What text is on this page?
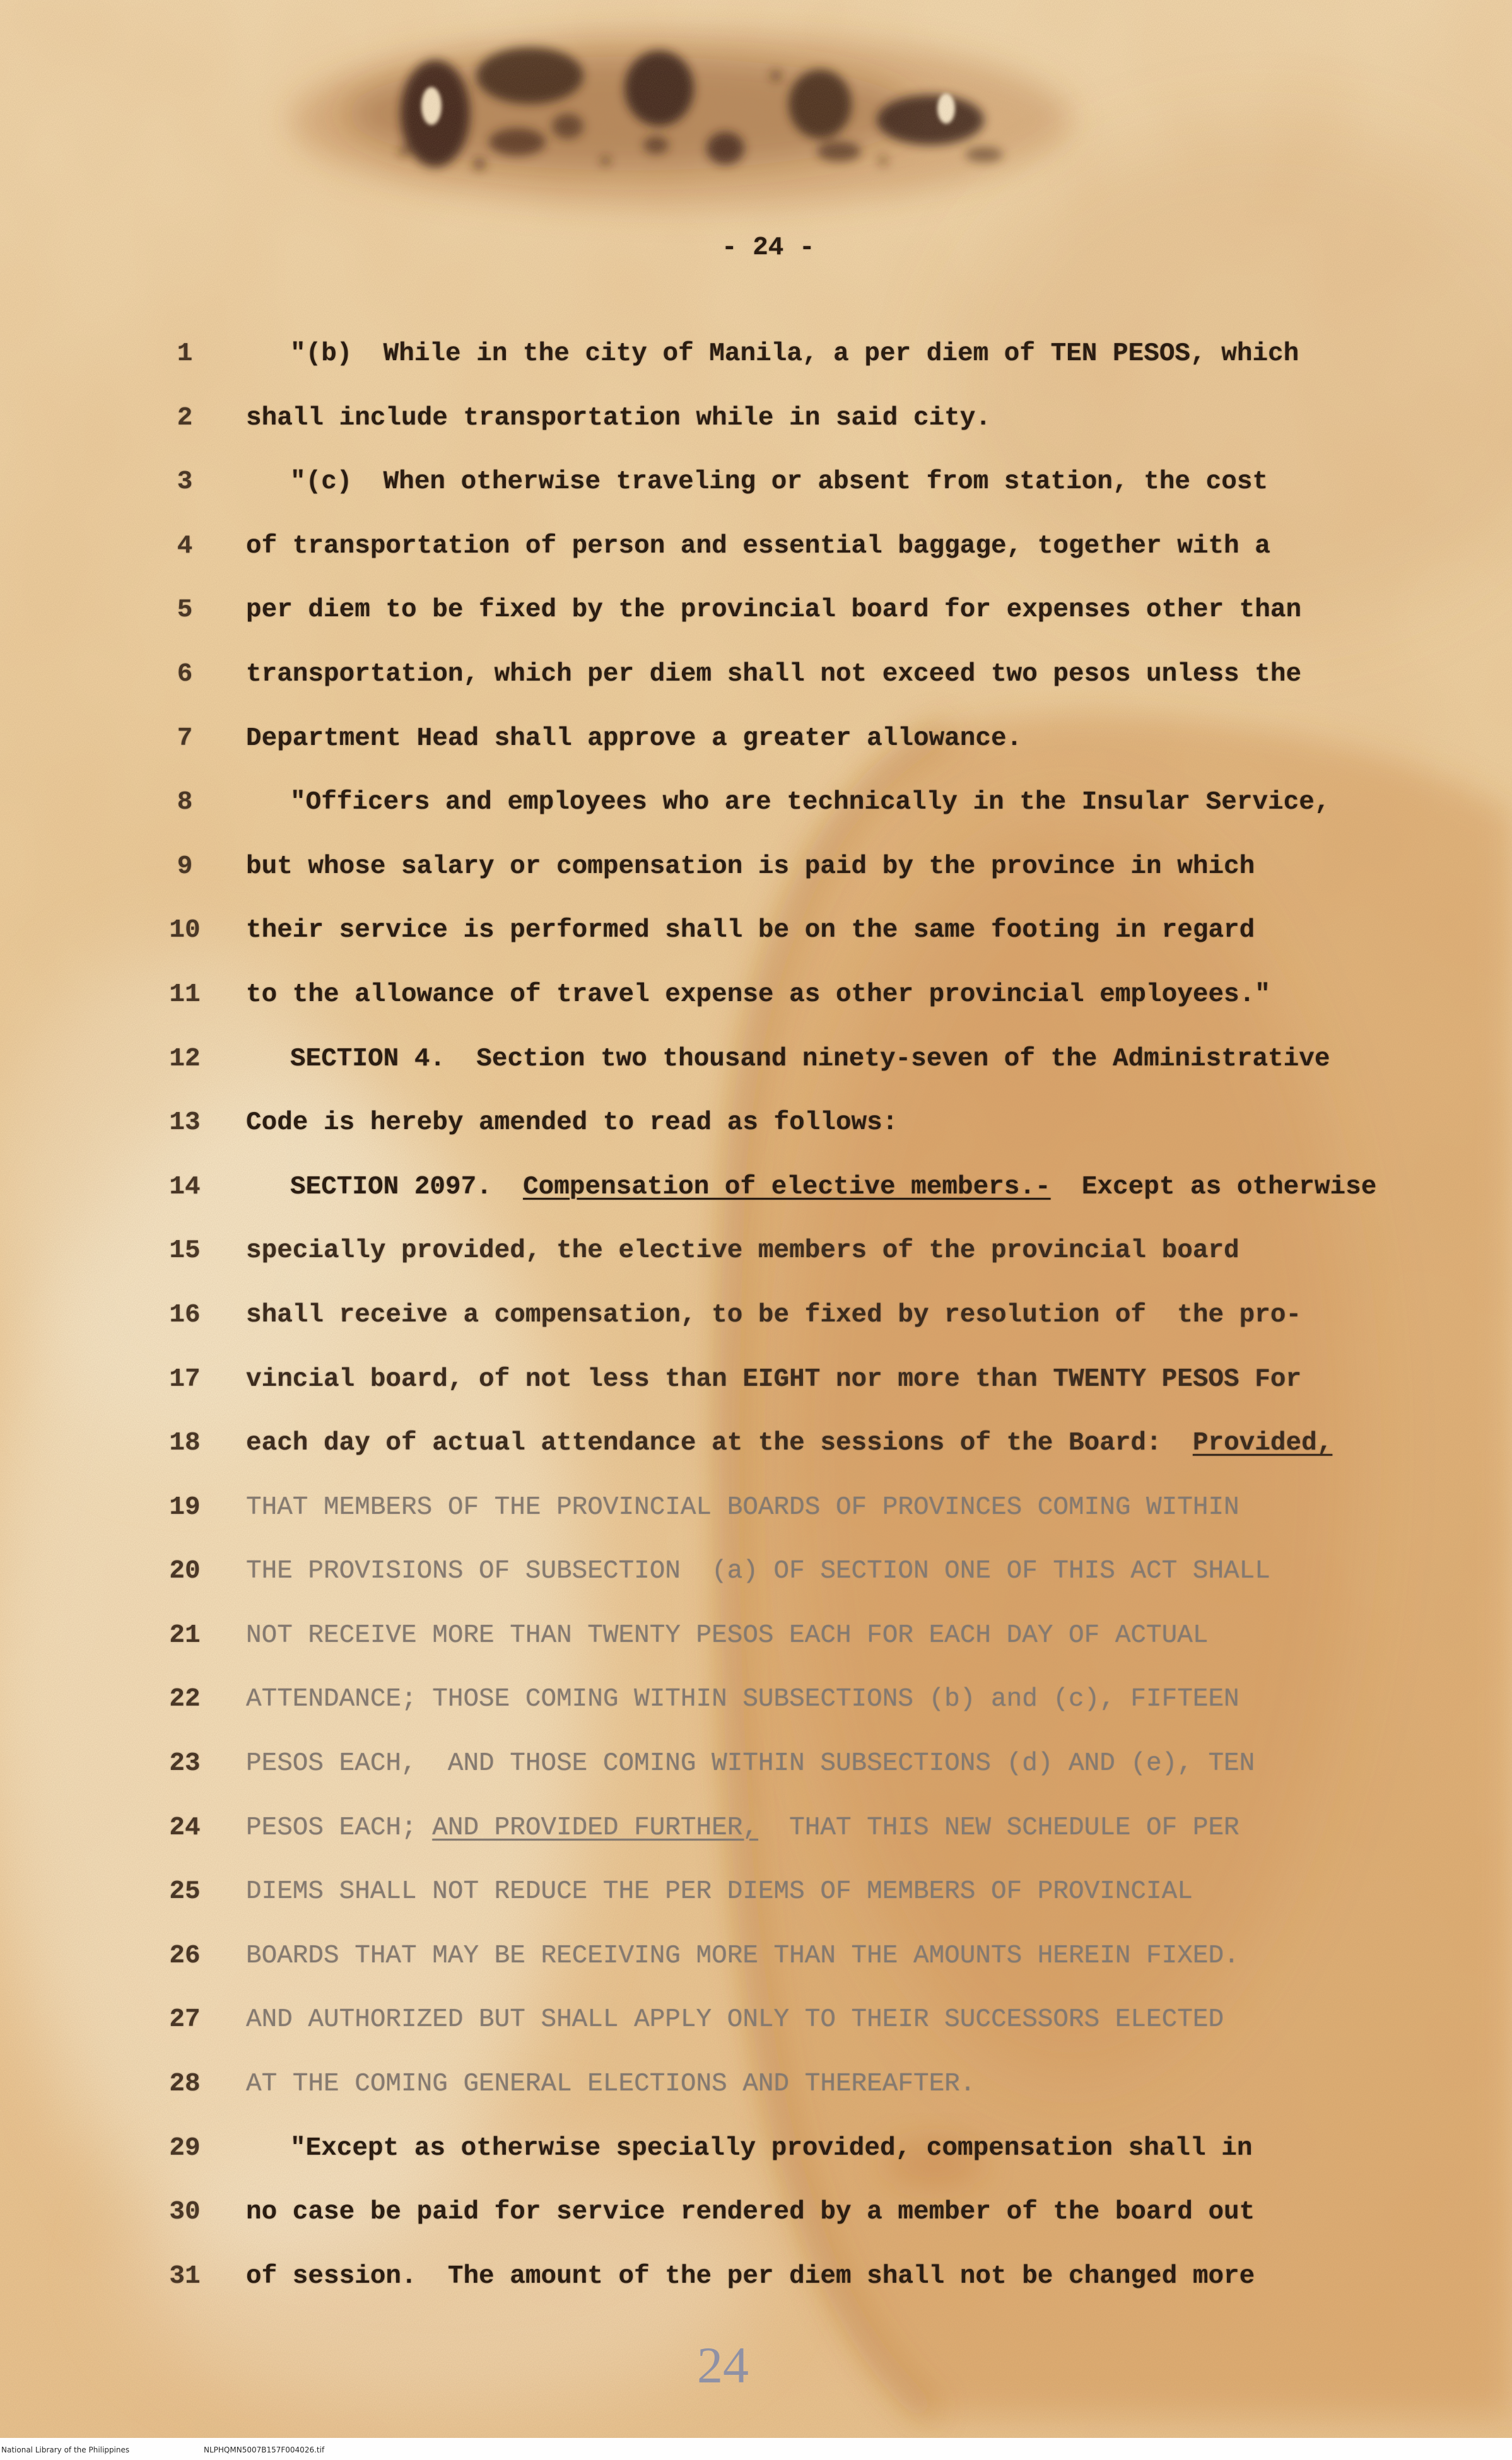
- 24 -
1	"(b)  While in the city of Manila, a per diem of TEN PESOS, which
2	shall include transportation while in said city.
3	"(c)  When otherwise traveling or absent from station, the cost
4	of transportation of person and essential baggage, together with a
5	per diem to be fixed by the provincial board for expenses other than
6	transportation, which per diem shall not exceed two pesos unless the
7	Department Head shall approve a greater allowance.
8	"Officers and employees who are technically in the Insular Service,
9	but whose salary or compensation is paid by the province in which
10	their service is performed shall be on the same footing in regard
11	to the allowance of travel expense as other provincial employees."
12	SECTION 4.  Section two thousand ninety-seven of the Administrative
13	Code is hereby amended to read as follows:
14	SECTION 2097.  Compensation of elective members.-  Except as otherwise
15	specially provided, the elective members of the provincial board
16	shall receive a compensation, to be fixed by resolution of  the pro-
17	vincial board, of not less than EIGHT nor more than TWENTY PESOS For
18	each day of actual attendance at the sessions of the Board:  Provided,
19	THAT MEMBERS OF THE PROVINCIAL BOARDS OF PROVINCES COMING WITHIN
20	THE PROVISIONS OF SUBSECTION  (a) OF SECTION ONE OF THIS ACT SHALL
21	NOT RECEIVE MORE THAN TWENTY PESOS EACH FOR EACH DAY OF ACTUAL
22	ATTENDANCE; THOSE COMING WITHIN SUBSECTIONS (b) and (c), FIFTEEN
23	PESOS EACH,  AND THOSE COMING WITHIN SUBSECTIONS (d) AND (e), TEN
24	PESOS EACH; AND PROVIDED FURTHER,  THAT THIS NEW SCHEDULE OF PER
25	DIEMS SHALL NOT REDUCE THE PER DIEMS OF MEMBERS OF PROVINCIAL
26	BOARDS THAT MAY BE RECEIVING MORE THAN THE AMOUNTS HEREIN FIXED.
27	AND AUTHORIZED BUT SHALL APPLY ONLY TO THEIR SUCCESSORS ELECTED
28	AT THE COMING GENERAL ELECTIONS AND THEREAFTER.
29	"Except as otherwise specially provided, compensation shall in
30	no case be paid for service rendered by a member of the board out
31	of session.  The amount of the per diem shall not be changed more
24
National Library of the Philippines	NLPHQMN5007B157F004026.tif
